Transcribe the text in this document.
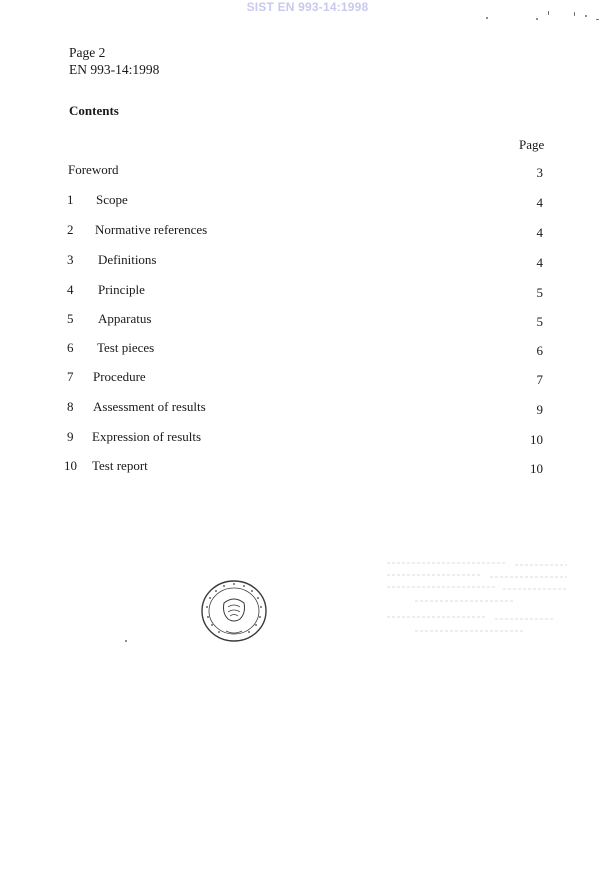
SIST EN 993-14:1998
Page 2
EN 993-14:1998
Contents
Page
Foreword	3
1 Scope	4
2 Normative references	4
3 Definitions	4
4 Principle	5
5 Apparatus	5
6 Test pieces	6
7 Procedure	7
8 Assessment of results	9
9 Expression of results	10
10 Test report	10
